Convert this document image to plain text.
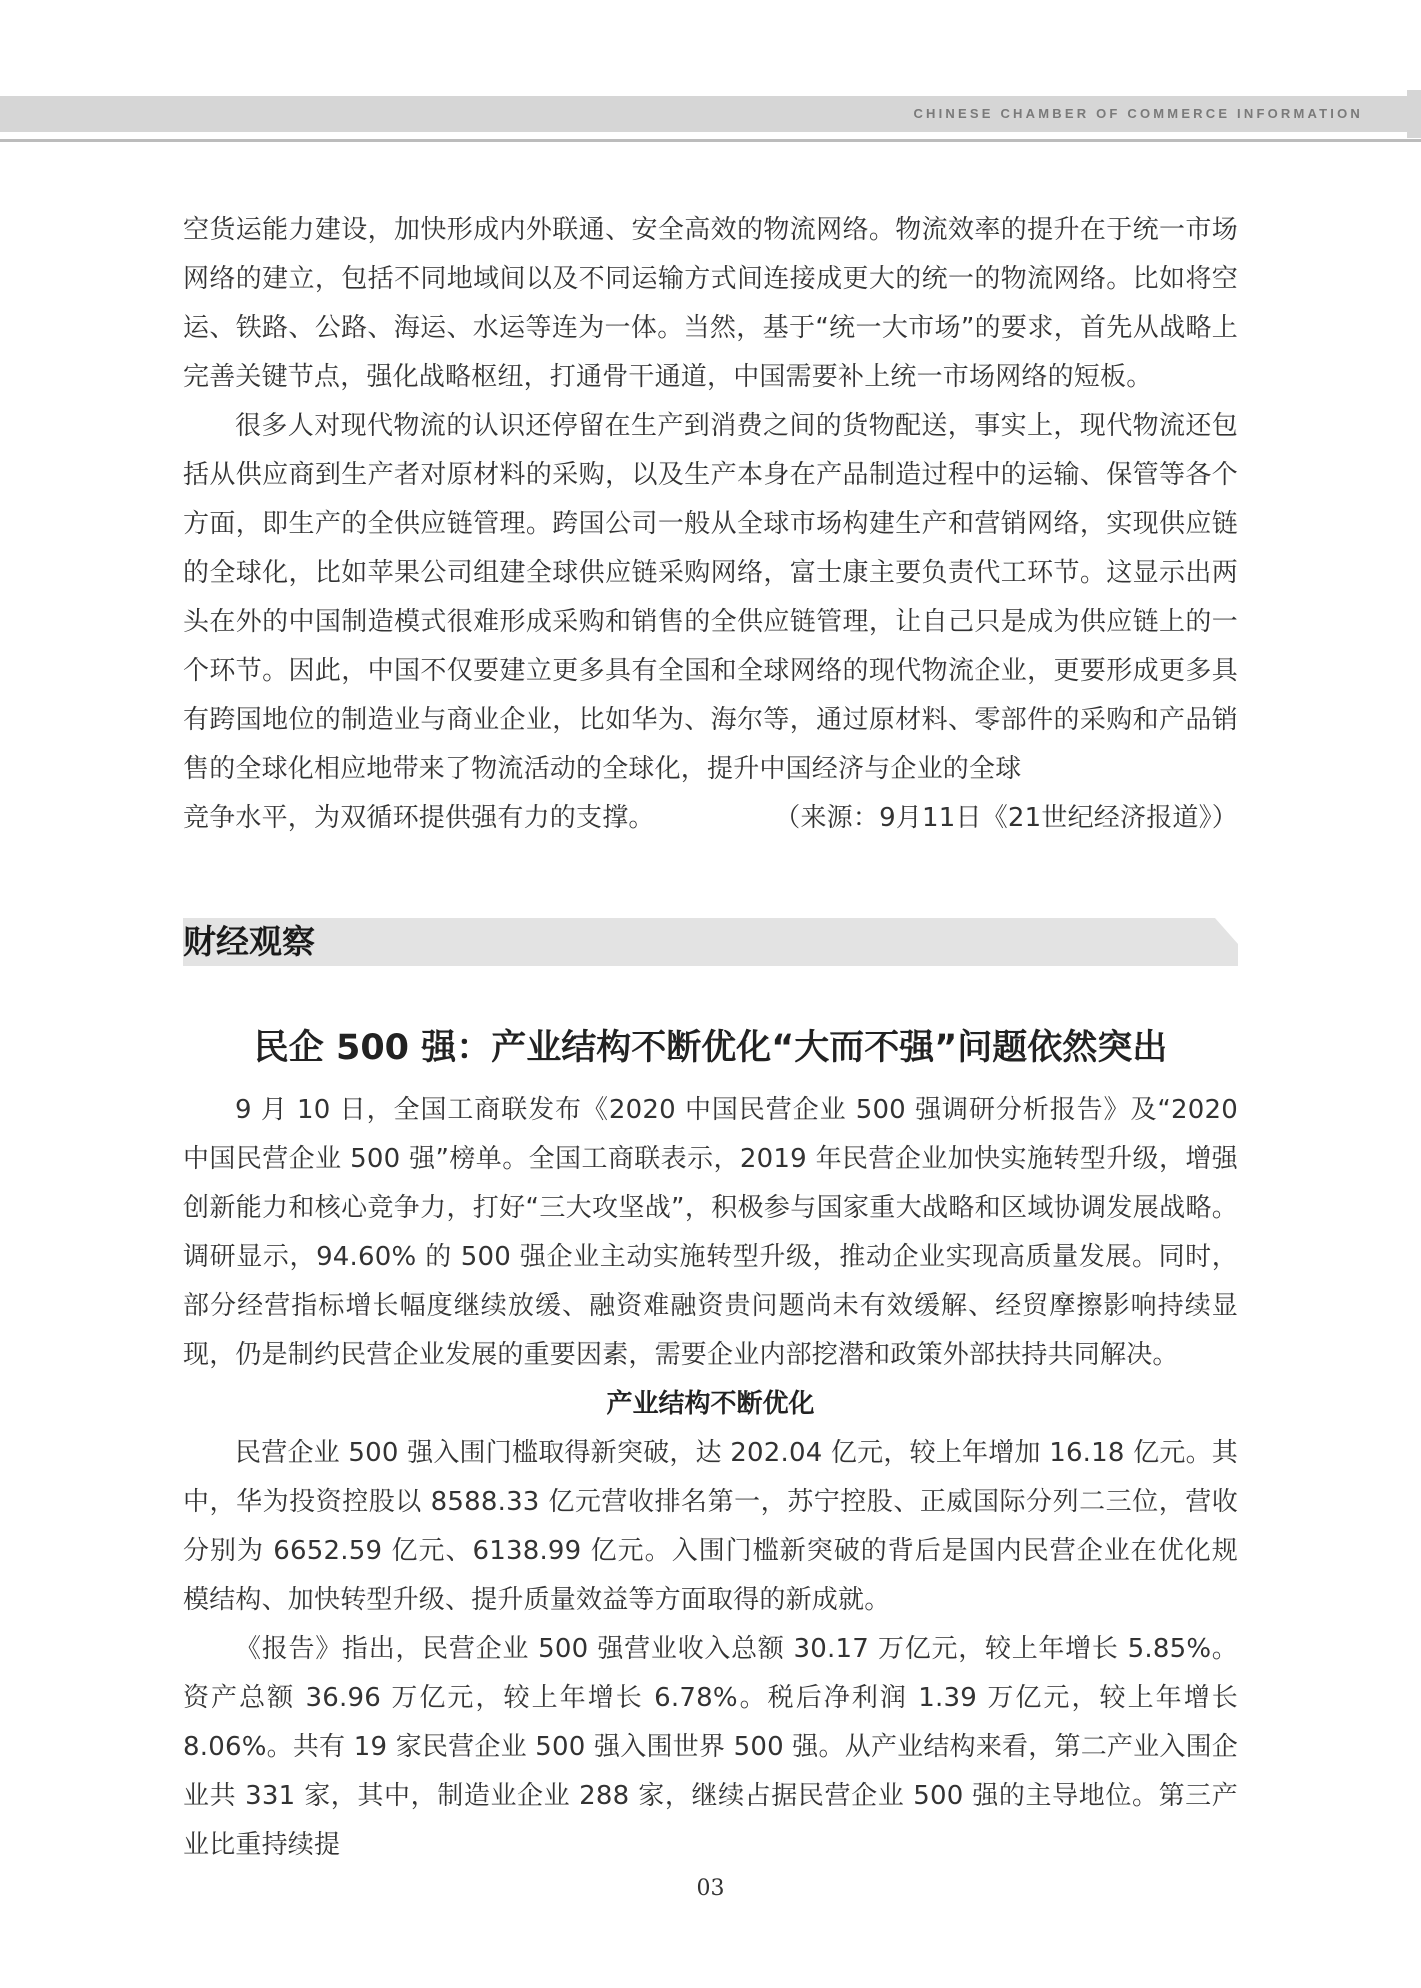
CHINESE CHAMBER OF COMMERCE INFORMATION

空货运能力建设，加快形成内外联通、安全高效的物流网络。物流效率的提升在于统一市场网络的建立，包括不同地域间以及不同运输方式间连接成更大的统一的物流网络。比如将空运、铁路、公路、海运、水运等连为一体。当然，基于“统一大市场”的要求，首先从战略上完善关键节点，强化战略枢纽，打通骨干通道，中国需要补上统一市场网络的短板。

很多人对现代物流的认识还停留在生产到消费之间的货物配送，事实上，现代物流还包括从供应商到生产者对原材料的采购，以及生产本身在产品制造过程中的运输、保管等各个方面，即生产的全供应链管理。跨国公司一般从全球市场构建生产和营销网络，实现供应链的全球化，比如苹果公司组建全球供应链采购网络，富士康主要负责代工环节。这显示出两头在外的中国制造模式很难形成采购和销售的全供应链管理，让自己只是成为供应链上的一个环节。因此，中国不仅要建立更多具有全国和全球网络的现代物流企业，更要形成更多具有跨国地位的制造业与商业企业，比如华为、海尔等，通过原材料、零部件的采购和产品销售的全球化相应地带来了物流活动的全球化，提升中国经济与企业的全球

竞争水平，为双循环提供强有力的支撑。	（来源：9月11日《21世纪经济报道》）
财经观察
民企 500 强：产业结构不断优化“大而不强”问题依然突出

9 月 10 日，全国工商联发布《2020 中国民营企业 500 强调研分析报告》及“2020 中国民营企业 500 强”榜单。全国工商联表示，2019 年民营企业加快实施转型升级，增强创新能力和核心竞争力，打好“三大攻坚战”，积极参与国家重大战略和区域协调发展战略。调研显示，94.60% 的 500 强企业主动实施转型升级，推动企业实现高质量发展。同时，部分经营指标增长幅度继续放缓、融资难融资贵问题尚未有效缓解、经贸摩擦影响持续显现，仍是制约民营企业发展的重要因素，需要企业内部挖潜和政策外部扶持共同解决。

产业结构不断优化

民营企业 500 强入围门槛取得新突破，达 202.04 亿元，较上年增加 16.18 亿元。其中，华为投资控股以 8588.33 亿元营收排名第一，苏宁控股、正威国际分列二三位，营收分别为 6652.59 亿元、6138.99 亿元。入围门槛新突破的背后是国内民营企业在优化规模结构、加快转型升级、提升质量效益等方面取得的新成就。

《报告》指出，民营企业 500 强营业收入总额 30.17 万亿元，较上年增长 5.85%。资产总额 36.96 万亿元，较上年增长 6.78%。税后净利润 1.39 万亿元，较上年增长 8.06%。共有 19 家民营企业 500 强入围世界 500 强。从产业结构来看，第二产业入围企业共 331 家，其中，制造业企业 288 家，继续占据民营企业 500 强的主导地位。第三产业比重持续提

03
